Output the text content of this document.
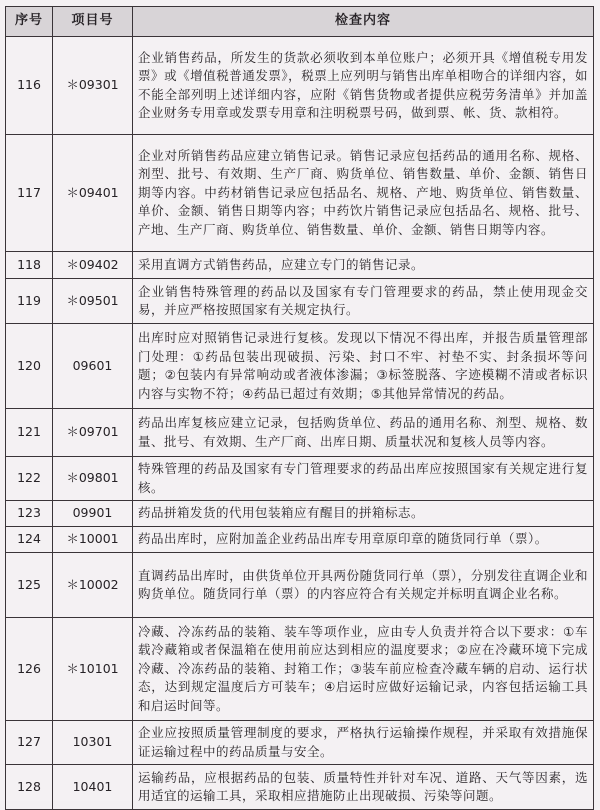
序号	项目号	检查内容
116	＊09301	企业销售药品，所发生的货款必须收到本单位账户；必须开具《增值税专用发票》或《增值税普通发票》，税票上应列明与销售出库单相吻合的详细内容，如不能全部列明上述详细内容，应附《销售货物或者提供应税劳务清单》并加盖企业财务专用章或发票专用章和注明税票号码，做到票、帐、货、款相符。
117	＊09401	企业对所销售药品应建立销售记录。销售记录应包括药品的通用名称、规格、剂型、批号、有效期、生产厂商、购货单位、销售数量、单价、金额、销售日期等内容。中药材销售记录应包括品名、规格、产地、购货单位、销售数量、单价、金额、销售日期等内容；中药饮片销售记录应包括品名、规格、批号、产地、生产厂商、购货单位、销售数量、单价、金额、销售日期等内容。
118	＊09402	采用直调方式销售药品，应建立专门的销售记录。
119	＊09501	企业销售特殊管理的药品以及国家有专门管理要求的药品，禁止使用现金交易，并应严格按照国家有关规定执行。
120	09601	出库时应对照销售记录进行复核。发现以下情况不得出库，并报告质量管理部门处理：①药品包装出现破损、污染、封口不牢、衬垫不实、封条损坏等问题；②包装内有异常响动或者液体渗漏；③标签脱落、字迹模糊不清或者标识内容与实物不符；④药品已超过有效期；⑤其他异常情况的药品。
121	＊09701	药品出库复核应建立记录，包括购货单位、药品的通用名称、剂型、规格、数量、批号、有效期、生产厂商、出库日期、质量状况和复核人员等内容。
122	＊09801	特殊管理的药品及国家有专门管理要求的药品出库应按照国家有关规定进行复核。
123	09901	药品拼箱发货的代用包装箱应有醒目的拼箱标志。
124	＊10001	药品出库时，应附加盖企业药品出库专用章原印章的随货同行单（票）。
125	＊10002	直调药品出库时，由供货单位开具两份随货同行单（票），分别发往直调企业和购货单位。随货同行单（票）的内容应符合有关规定并标明直调企业名称。
126	＊10101	冷藏、冷冻药品的装箱、装车等项作业，应由专人负责并符合以下要求：①车载冷藏箱或者保温箱在使用前应达到相应的温度要求；②应在冷藏环境下完成冷藏、冷冻药品的装箱、封箱工作；③装车前应检查冷藏车辆的启动、运行状态，达到规定温度后方可装车；④启运时应做好运输记录，内容包括运输工具和启运时间等。
127	10301	企业应按照质量管理制度的要求，严格执行运输操作规程，并采取有效措施保证运输过程中的药品质量与安全。
128	10401	运输药品，应根据药品的包装、质量特性并针对车况、道路、天气等因素，选用适宜的运输工具，采取相应措施防止出现破损、污染等问题。
